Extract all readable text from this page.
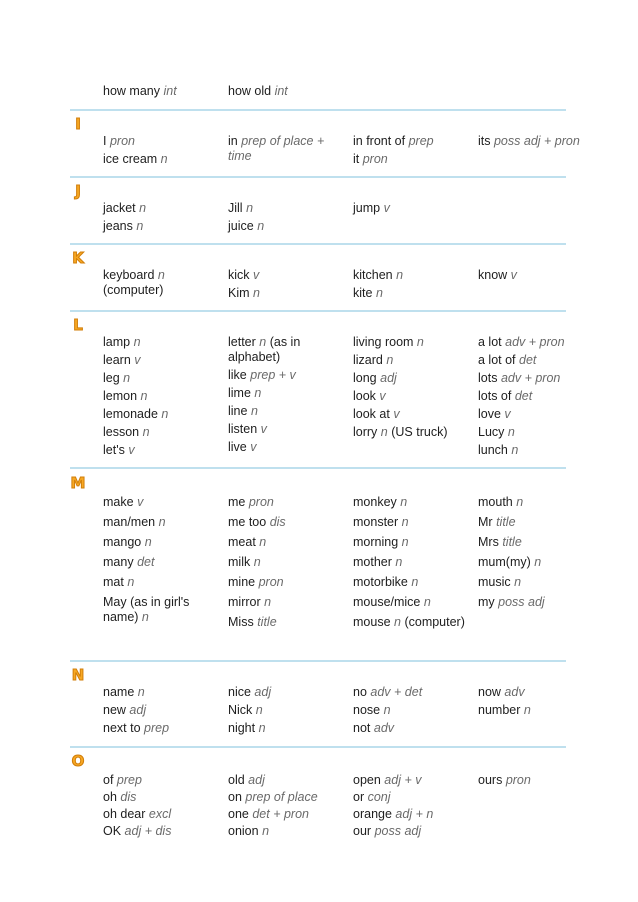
how many int	how old int

I

I pron

ice cream n

in prep of place + time

in front of prep

it pron

its poss adj + pron

J

jacket n

jeans n

Jill n

juice n

jump v

K

keyboard n (computer)

kick v

Kim n

kitchen n

kite n

know v

L

lamp n

learn v

leg n

lemon n

lemonade n

lesson n

let's v

letter n (as in alphabet)

like prep + v

lime n

line n

listen v

live v

living room n

lizard n

long adj

look v

look at v

lorry n (US truck)

a lot adv + pron

a lot of det

lots adv + pron

lots of det

love v

Lucy n

lunch n

M

make v

man/men n

mango n

many det

mat n

May (as in girl's name) n

me pron

me too dis

meat n

milk n

mine pron

mirror n

Miss title

monkey n

monster n

morning n

mother n

motorbike n

mouse/mice n

mouse n (computer)

mouth n

Mr title

Mrs title

mum(my) n

music n

my poss adj

N

name n

new adj

next to prep

nice adj

Nick n

night n

no adv + det

nose n

not adv

now adv

number n

O

of prep

oh dis

oh dear excl

OK adj + dis

old adj

on prep of place

one det + pron

onion n

open adj + v

or conj

orange adj + n

our poss adj

ours pron
